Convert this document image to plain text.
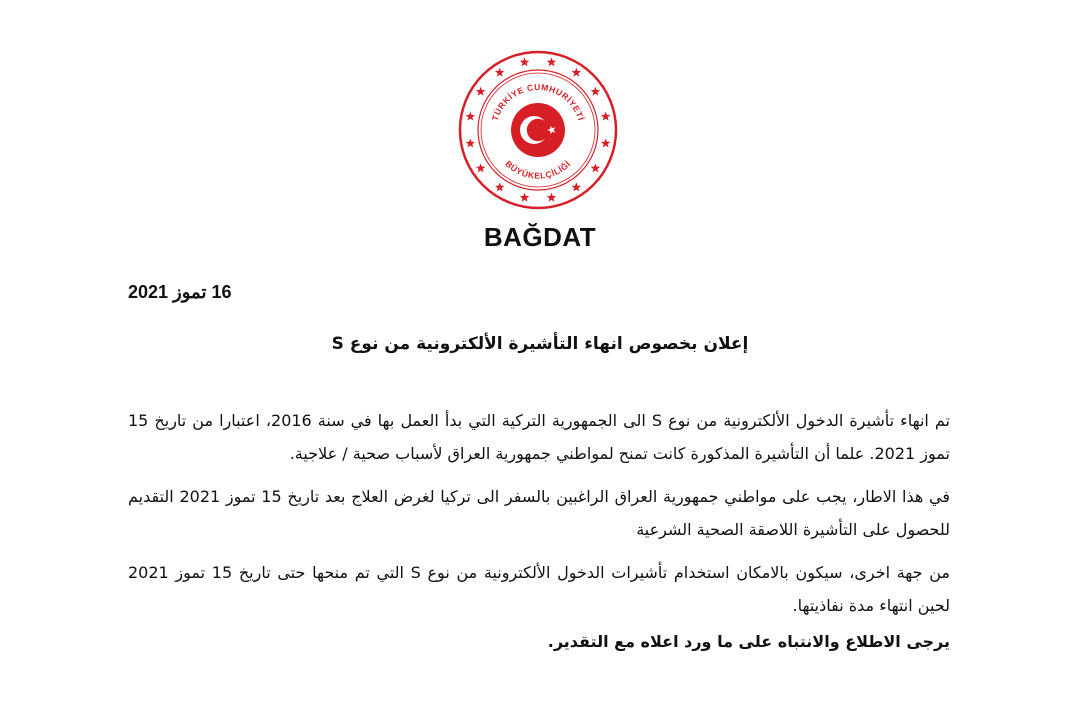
TÜRKİYE CUMHURİYETİ
BÜYÜKELÇİLİĞİ
BAĞDAT
16 تموز 2021
إعلان بخصوص انهاء التأشيرة الألكترونية من نوع S
تم انهاء تأشيرة الدخول الألكترونية من نوع S الى الجمهورية التركية التي بدأ العمل بها في سنة 2016، اعتبارا من تاريخ 15 تموز 2021. علما أن التأشيرة المذكورة كانت تمنح لمواطني جمهورية العراق لأسباب صحية / علاجية.
في هذا الاطار، يجب على مواطني جمهورية العراق الراغبين بالسفر الى تركيا لغرض العلاج بعد تاريخ 15 تموز 2021 التقديم للحصول على التأشيرة اللاصقة الصحية الشرعية
من جهة اخرى، سيكون بالامكان استخدام تأشيرات الدخول الألكترونية من نوع S التي تم منحها حتى تاريخ 15 تموز 2021 لحين انتهاء مدة نفاذيتها.
يرجى الاطلاع والانتباه على ما ورد اعلاه مع التقدير.
